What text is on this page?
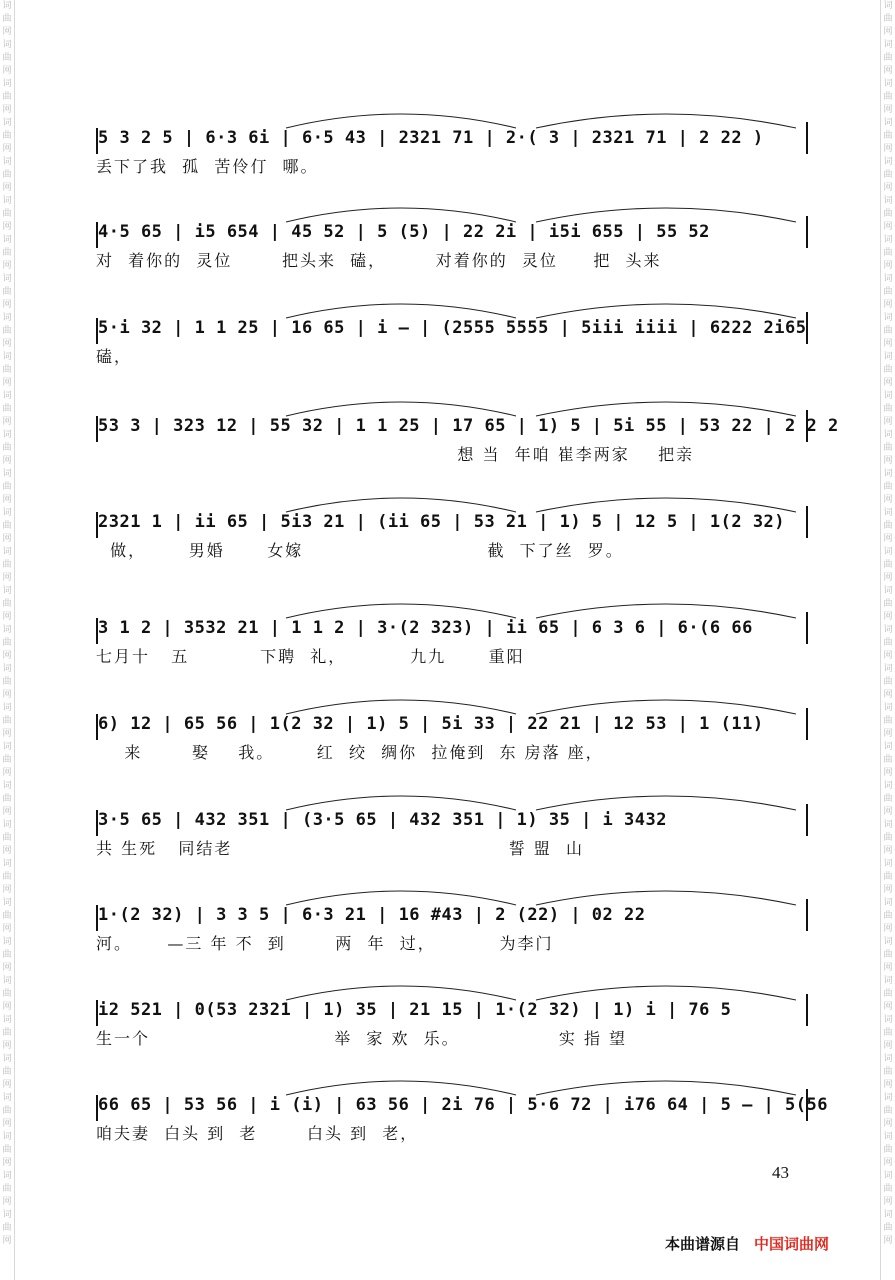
词
曲
网
词
曲
网
词
曲
网
词
曲
网
词
曲
网
词
曲
网
词
曲
网
词
曲
网
词
曲
网
词
曲
网
词
曲
网
词
曲
网
词
曲
网
词
曲
网
词
曲
网
词
曲
网
词
曲
网
词
曲
网
词
曲
网
词
曲
网
词
曲
网
词
曲
网
词
曲
网
词
曲
网
词
曲
网
词
曲
网
词
曲
网
词
曲
网
词
曲
网
词
曲
网
词
曲
网
词
曲
网
词
曲
网
词
曲
网
词
曲
网
词
曲
网
词
曲
网
词
曲
网
词
曲
网
词
曲
网
词
曲
网
词
曲
网
词
曲
网
词
曲
网
词
曲
网
词
曲
网
词
曲
网
词
曲
网
词
曲
网
词
曲
网
词
曲
网
词
曲
网
词
曲
网
词
曲
网
词
曲
网
词
曲
网
词
曲
网
词
曲
网
词
曲
网
词
曲
网
词
曲
网
词
曲
网
词
曲
网
词
曲
网
5 3 2 5 | 6·3 6i | 6·5 43 | 2321 71 | 2·( 3 | 2321 71 | 2 22 )
丢下了我  孤  苦伶仃  哪。
4·5 65 | i5 654 | 45 52 | 5 (5) | 22 2i | i5i 655 | 55 52
对  着你的  灵位       把头来  磕，       对着你的  灵位     把  头来
5·i 32 | 1 1 25 | 16 65 | i — | (2555 5555 | 5iii iiii | 6222 2i65
磕，
53 3 | 323 12 | 55 32 | 1 1 25 | 17 65 | 1) 5 | 5i 55 | 53 22 | 2 2 2
想 当  年咱 崔李两家    把亲
2321 1 | ii 65 | 5i3 21 | (ii 65 | 53 21 | 1) 5 | 12 5 | 1(2 32)
做，      男婚      女嫁                          截  下了丝  罗。
3 1 2 | 3532 21 | 1 1 2 | 3·(2 323) | ii 65 | 6 3 6 | 6·(6 66
七月十   五          下聘  礼，         九九      重阳
6) 12 | 65 56 | 1(2 32 | 1) 5 | 5i 33 | 22 21 | 12 53 | 1 (11)
来       娶    我。      红  绞  绸你  拉俺到  东 房落 座，
3·5 65 | 432 351 | (3·5 65 | 432 351 | 1) 35 | i 3432
共 生死   同结老                                       誓 盟  山
1·(2 32) | 3 3 5 | 6·3 21 | 16 #43 | 2 (22) | 02 22
河。     —三 年 不  到       两  年  过，         为李门
i2 521 | 0(53 2321 | 1) 35 | 21 15 | 1·(2 32) | 1) i | 76 5
生一个                          举  家 欢  乐。              实 指 望
66 65 | 53 56 | i (i) | 63 56 | 2i 76 | 5·6 72 | i76 64 | 5 — | 5(56
咱夫妻  白头 到  老       白头 到  老，
43
本曲谱源自 中国词曲网
